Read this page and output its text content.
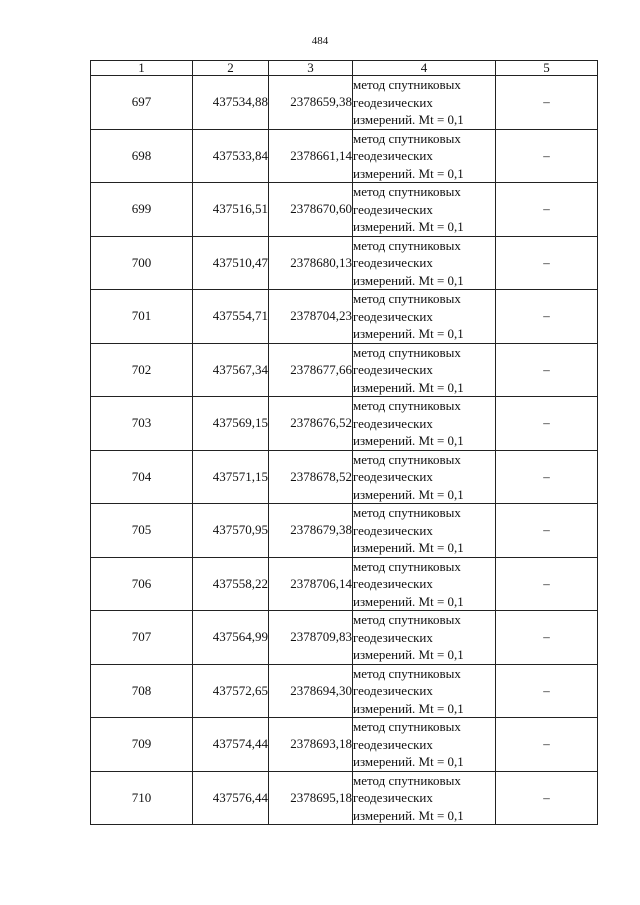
484
1	2	3	4	5
697	437534,88	2378659,38	метод спутниковых
геодезических
измерений. Mt = 0,1	–
698	437533,84	2378661,14	метод спутниковых
геодезических
измерений. Mt = 0,1	–
699	437516,51	2378670,60	метод спутниковых
геодезических
измерений. Mt = 0,1	–
700	437510,47	2378680,13	метод спутниковых
геодезических
измерений. Mt = 0,1	–
701	437554,71	2378704,23	метод спутниковых
геодезических
измерений. Mt = 0,1	–
702	437567,34	2378677,66	метод спутниковых
геодезических
измерений. Mt = 0,1	–
703	437569,15	2378676,52	метод спутниковых
геодезических
измерений. Mt = 0,1	–
704	437571,15	2378678,52	метод спутниковых
геодезических
измерений. Mt = 0,1	–
705	437570,95	2378679,38	метод спутниковых
геодезических
измерений. Mt = 0,1	–
706	437558,22	2378706,14	метод спутниковых
геодезических
измерений. Mt = 0,1	–
707	437564,99	2378709,83	метод спутниковых
геодезических
измерений. Mt = 0,1	–
708	437572,65	2378694,30	метод спутниковых
геодезических
измерений. Mt = 0,1	–
709	437574,44	2378693,18	метод спутниковых
геодезических
измерений. Mt = 0,1	–
710	437576,44	2378695,18	метод спутниковых
геодезических
измерений. Mt = 0,1	–
